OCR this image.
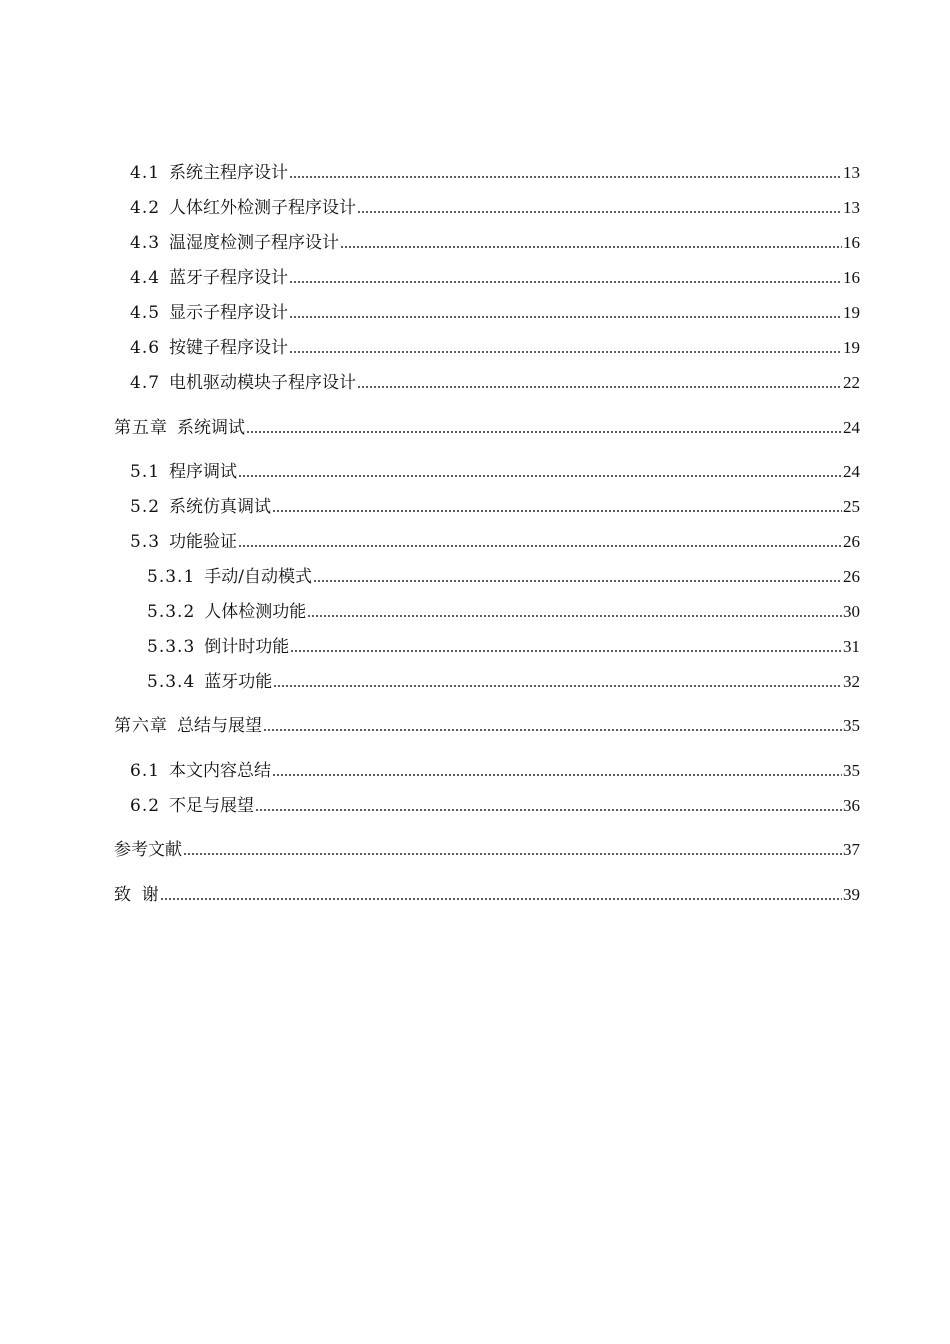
4.1 系统主程序设计	13
4.2 人体红外检测子程序设计	13
4.3 温湿度检测子程序设计	16
4.4 蓝牙子程序设计	16
4.5 显示子程序设计	19
4.6 按键子程序设计	19
4.7 电机驱动模块子程序设计	22
第五章 系统调试	24
5.1 程序调试	24
5.2 系统仿真调试	25
5.3 功能验证	26
5.3.1 手动/自动模式	26
5.3.2 人体检测功能	30
5.3.3 倒计时功能	31
5.3.4 蓝牙功能	32
第六章 总结与展望	35
6.1 本文内容总结	35
6.2 不足与展望	36
参考文献	37
致  谢	39
